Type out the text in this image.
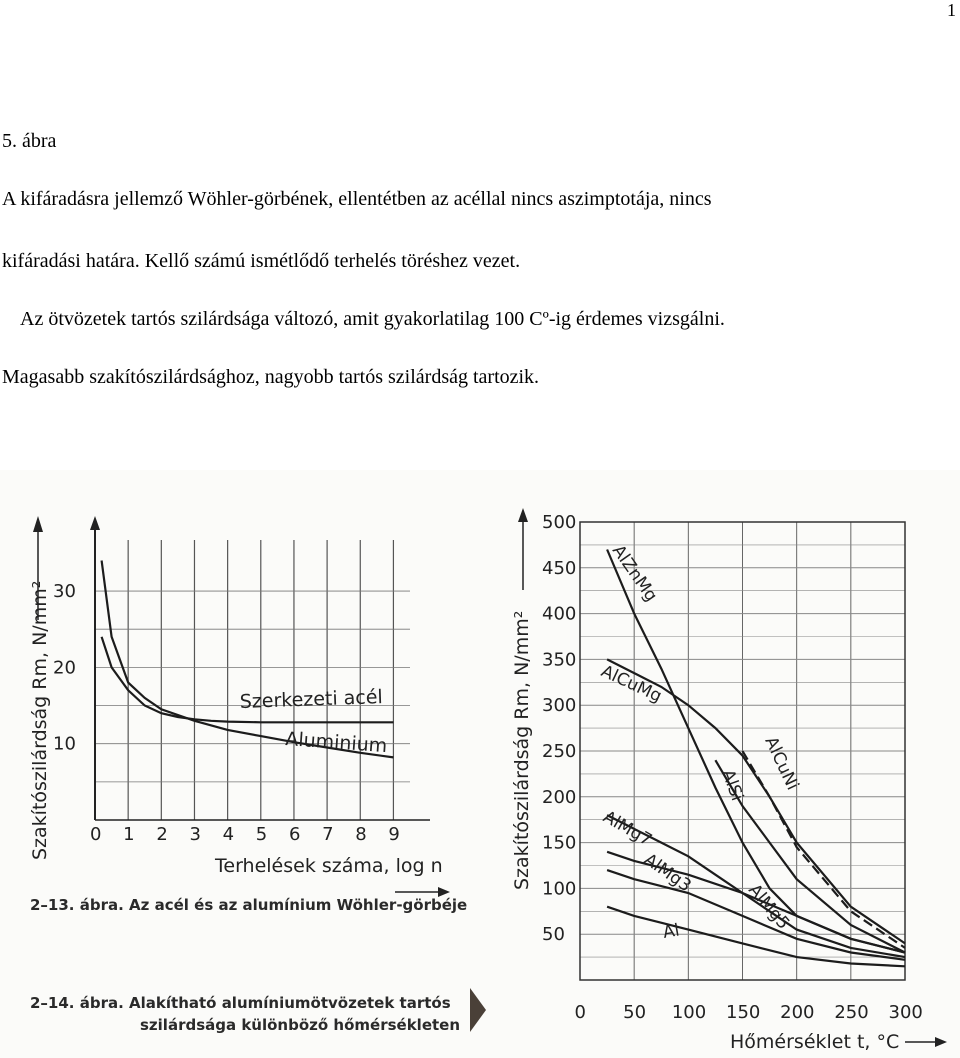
1
5. ábra
A kifáradásra jellemző Wöhler-görbének, ellentétben az acéllal nincs aszimptotája, nincs
kifáradási határa. Kellő számú ismétlődő terhelés töréshez vezet.
Az ötvözetek tartós szilárdsága változó, amit gyakorlatilag 100 Cº-ig érdemes vizsgálni.
Magasabb szakítószilárdsághoz, nagyobb tartós szilárdság tartozik.
0 1 2 3 4 5 6 7 8 9
10
20
30
Terhelések száma, log n
Szakítószilárdság Rm, N/mm²	Szerkezeti acél
Aluminium
0 50 100 150 200 250 300
50
100
150
200
250
300
350
400
450
500
Hőmérséklet t, °C
Szakítószilárdság Rm, N/mm²
AlZnMg
AlCuMg
AlCuNi
AlSi
AlMg7
AlMg5
AlMg3
Al
2–13. ábra. Az acél és az alumínium Wöhler-görbéje
2–14. ábra. Alakítható alumíniumötvözetek tartós
szilárdsága különböző hőmérsékleten
